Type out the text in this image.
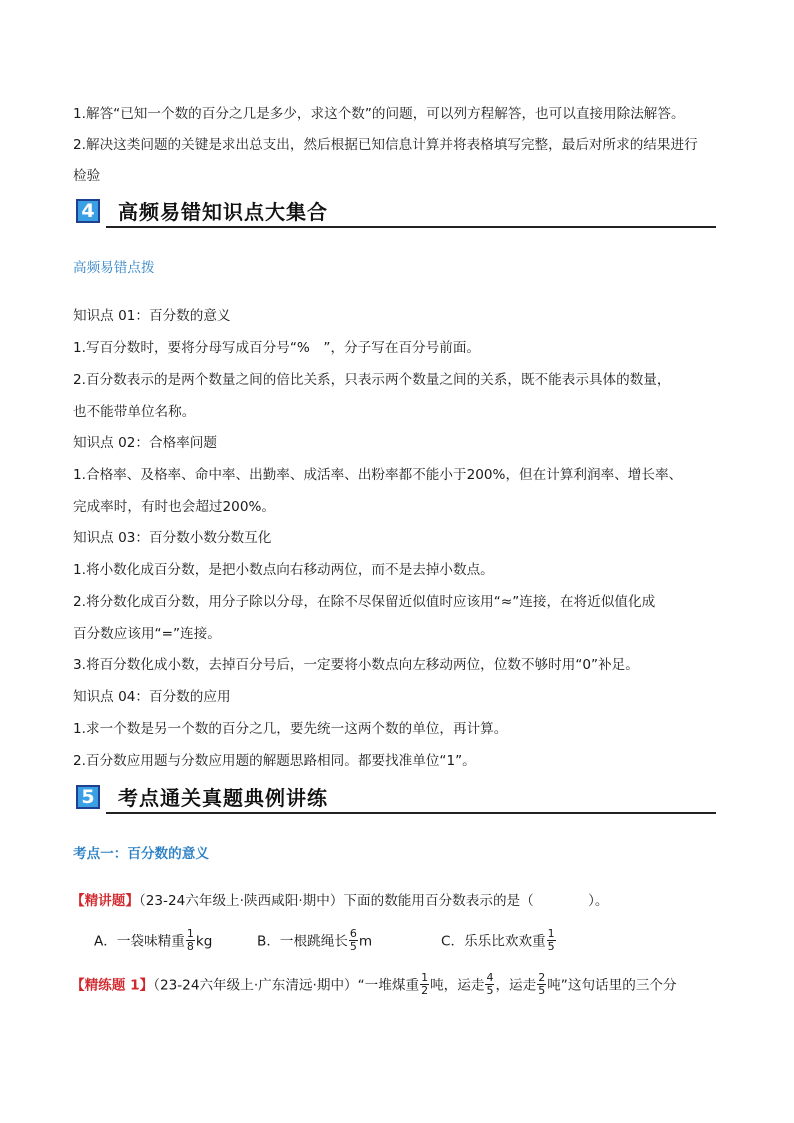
1.解答“已知一个数的百分之几是多少，求这个数”的问题，可以列方程解答，也可以直接用除法解答。
2.解决这类问题的关键是求出总支出，然后根据已知信息计算并将表格填写完整，最后对所求的结果进行
检验
4 高频易错知识点大集合
高频易错点拨
知识点 01：百分数的意义
1.写百分数时，要将分母写成百分号“%　”，分子写在百分号前面。
2.百分数表示的是两个数量之间的倍比关系，只表示两个数量之间的关系，既不能表示具体的数量，
也不能带单位名称。
知识点 02：合格率问题
1.合格率、及格率、命中率、出勤率、成活率、出粉率都不能小于200%，但在计算利润率、增长率、
完成率时，有时也会超过200%。
知识点 03：百分数小数分数互化
1.将小数化成百分数，是把小数点向右移动两位，而不是去掉小数点。
2.将分数化成百分数，用分子除以分母，在除不尽保留近似值时应该用“≈”连接，在将近似值化成
百分数应该用“=”连接。
3.将百分数化成小数，去掉百分号后，一定要将小数点向左移动两位，位数不够时用“0”补足。
知识点 04：百分数的应用
1.求一个数是另一个数的百分之几，要先统一这两个数的单位，再计算。
2.百分数应用题与分数应用题的解题思路相同。都要找准单位“1”。
5 考点通关真题典例讲练
考点一：百分数的意义
【精讲题】（23-24六年级上·陕西咸阳·期中）下面的数能用百分数表示的是（　　　　）。
A．一袋味精重 $\frac{1}{8}$ kg	B．一根跳绳长 $\frac{6}{5}$ m	C．乐乐比欢欢重 $\frac{1}{5}$
【精练题 1】（23-24六年级上·广东清远·期中）“一堆煤重 $\frac{1}{2}$ 吨，运走 $\frac{4}{5}$ ，运走 $\frac{2}{5}$ 吨”这句话里的三个分
